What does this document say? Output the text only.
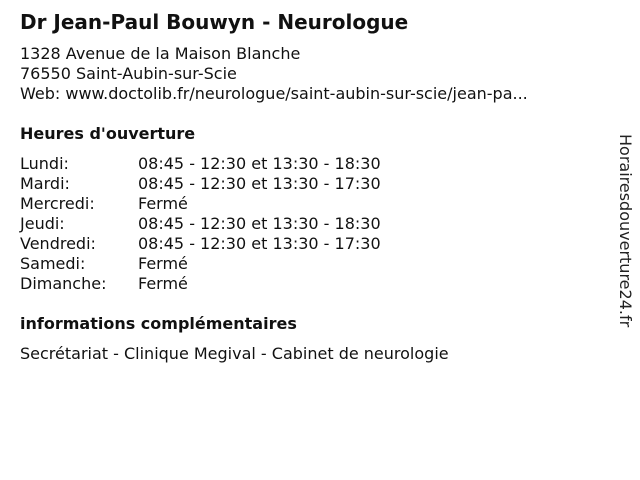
Dr Jean-Paul Bouwyn - Neurologue
1328 Avenue de la Maison Blanche
76550 Saint-Aubin-sur-Scie
Web: www.doctolib.fr/neurologue/saint-aubin-sur-scie/jean-pa...
Heures d'ouverture
Lundi:	08:45 - 12:30 et 13:30 - 18:30
Mardi:	08:45 - 12:30 et 13:30 - 17:30
Mercredi:	Fermé
Jeudi:	08:45 - 12:30 et 13:30 - 18:30
Vendredi:	08:45 - 12:30 et 13:30 - 17:30
Samedi:	Fermé
Dimanche: Fermé
informations complémentaires
Secrétariat - Clinique Megival - Cabinet de neurologie
Horairesdouverture24.fr
